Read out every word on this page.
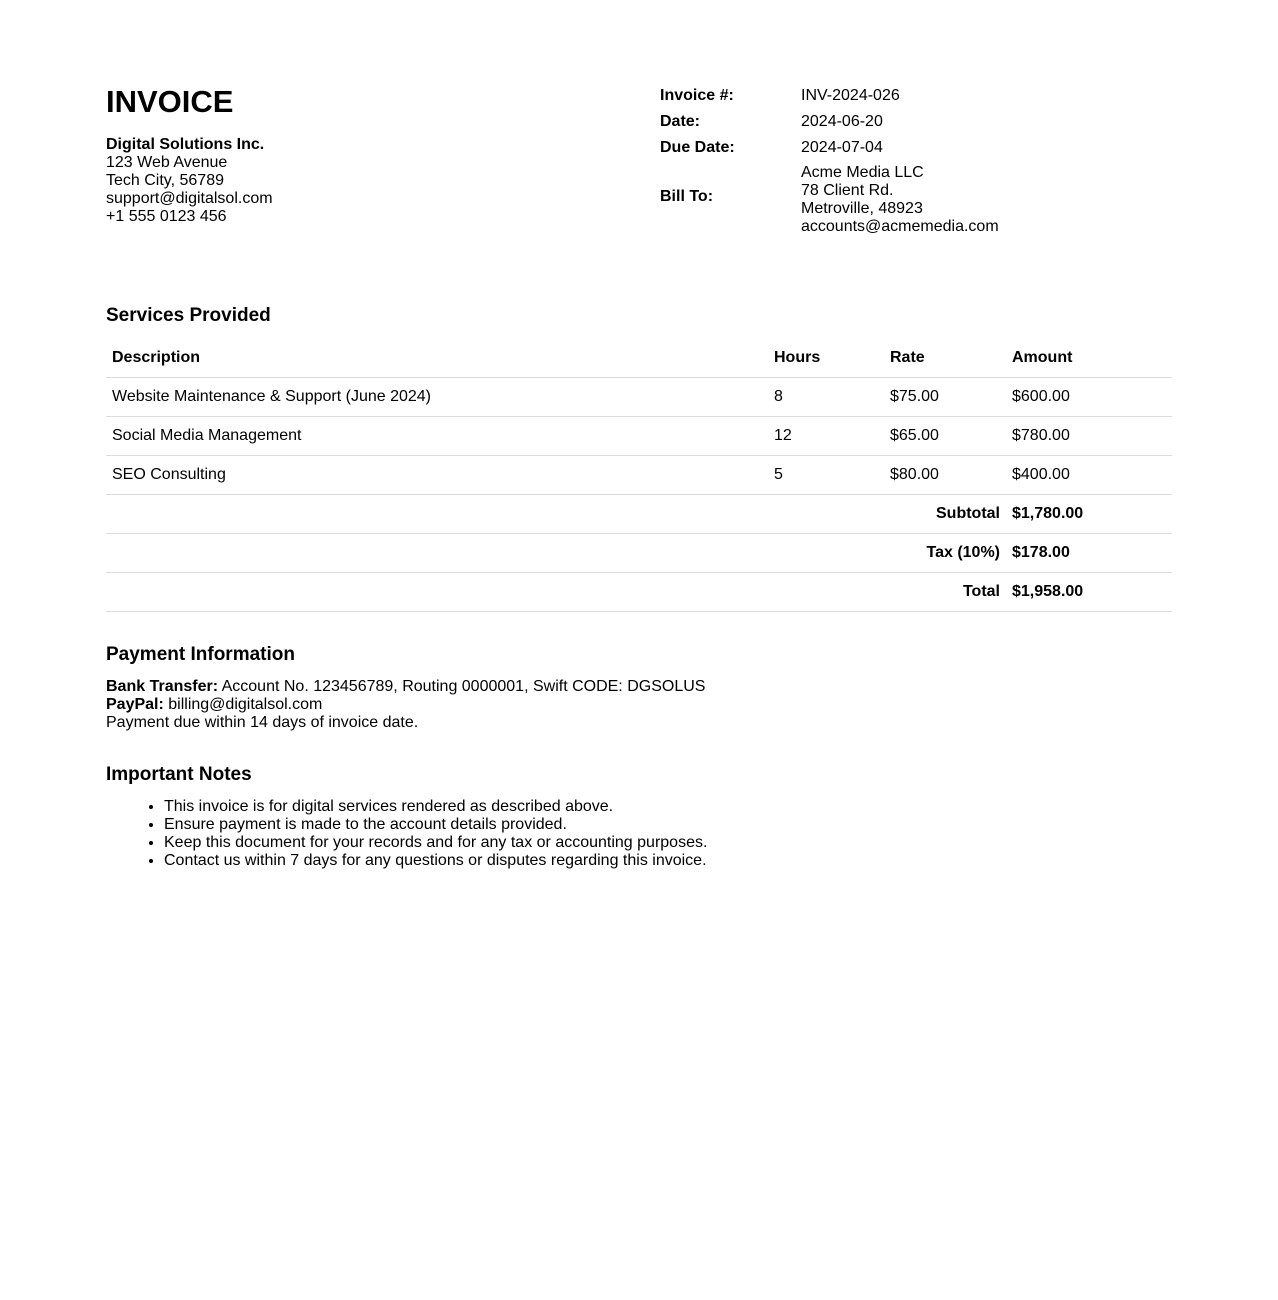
INVOICE
Digital Solutions Inc.
123 Web Avenue
Tech City, 56789
support@digitalsol.com
+1 555 0123 456
Invoice #:	INV-2024-026
Date:	2024-06-20
Due Date:	2024-07-04
Bill To:
Acme Media LLC
78 Client Rd.
Metroville, 48923
accounts@acmemedia.com
Services Provided
Description	Hours	Rate	Amount
Website Maintenance & Support (June 2024)	8	$75.00	$600.00
Social Media Management	12	$65.00	$780.00
SEO Consulting	5	$80.00	$400.00
Subtotal			$1,780.00
Tax (10%)			$178.00
Total			$1,958.00
Payment Information
Bank Transfer: Account No. 123456789, Routing 0000001, Swift CODE: DGSOLUS
PayPal: billing@digitalsol.com
Payment due within 14 days of invoice date.
Important Notes
• This invoice is for digital services rendered as described above.
• Ensure payment is made to the account details provided.
• Keep this document for your records and for any tax or accounting purposes.
• Contact us within 7 days for any questions or disputes regarding this invoice.
